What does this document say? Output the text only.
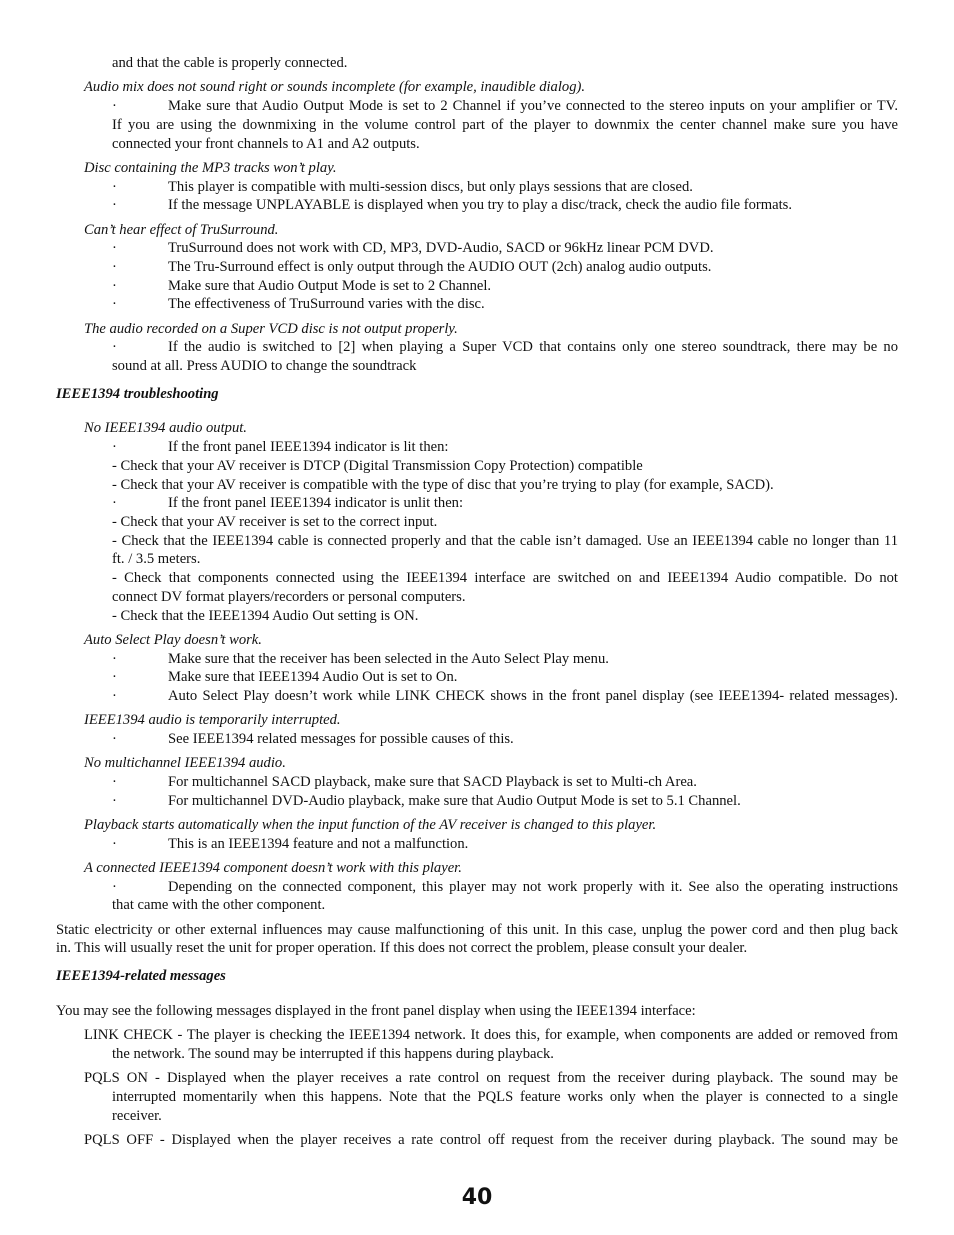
and that the cable is properly connected.
Audio mix does not sound right or sounds incomplete (for example, inaudible dialog).
·	Make sure that Audio Output Mode is set to 2 Channel if you’ve connected to the stereo inputs on your amplifier or TV.
If you are using the downmixing in the volume control part of the player to downmix the center channel make sure you have
connected your front channels to A1 and A2 outputs.
Disc containing the MP3 tracks won’t play.
·	This player is compatible with multi-session discs, but only plays sessions that are closed.
·	If the message UNPLAYABLE is displayed when you try to play a disc/track, check the audio file formats.
Can’t hear effect of TruSurround.
·	TruSurround does not work with CD, MP3, DVD-Audio, SACD or 96kHz linear PCM DVD.
·	The Tru-Surround effect is only output through the AUDIO OUT (2ch) analog audio outputs.
·	Make sure that Audio Output Mode is set to 2 Channel.
·	The effectiveness of TruSurround varies with the disc.
The audio recorded on a Super VCD disc is not output properly.
·	If the audio is switched to [2] when playing a Super VCD that contains only one stereo soundtrack, there may be no
sound at all. Press AUDIO to change the soundtrack
IEEE1394 troubleshooting
No IEEE1394 audio output.
·	If the front panel IEEE1394 indicator is lit then:
- Check that your AV receiver is DTCP (Digital Transmission Copy Protection) compatible
- Check that your AV receiver is compatible with the type of disc that you’re trying to play (for example, SACD).
·	If the front panel IEEE1394 indicator is unlit then:
- Check that your AV receiver is set to the correct input.
- Check that the IEEE1394 cable is connected properly and that the cable isn’t damaged. Use an IEEE1394 cable no longer than 11
ft. / 3.5 meters.
- Check that components connected using the IEEE1394 interface are switched on and IEEE1394 Audio compatible. Do not
connect DV format players/recorders or personal computers.
- Check that the IEEE1394 Audio Out setting is ON.
Auto Select Play doesn’t work.
·	Make sure that the receiver has been selected in the Auto Select Play menu.
·	Make sure that IEEE1394 Audio Out is set to On.
·	Auto Select Play doesn’t work while LINK CHECK shows in the front panel display (see IEEE1394- related messages).
IEEE1394 audio is temporarily interrupted.
·	See IEEE1394 related messages for possible causes of this.
No multichannel IEEE1394 audio.
·	For multichannel SACD playback, make sure that SACD Playback is set to Multi-ch Area.
·	For multichannel DVD-Audio playback, make sure that Audio Output Mode is set to 5.1 Channel.
Playback starts automatically when the input function of the AV receiver is changed to this player.
·	This is an IEEE1394 feature and not a malfunction.
A connected IEEE1394 component doesn’t work with this player.
·	Depending on the connected component, this player may not work properly with it. See also the operating instructions
that came with the other component.
Static electricity or other external influences may cause malfunctioning of this unit. In this case, unplug the power cord and then plug back
in. This will usually reset the unit for proper operation. If this does not correct the problem, please consult your dealer.
IEEE1394-related messages
You may see the following messages displayed in the front panel display when using the IEEE1394 interface:
LINK CHECK - The player is checking the IEEE1394 network. It does this, for example, when components are added or removed from
the network. The sound may be interrupted if this happens during playback.
PQLS ON - Displayed when the player receives a rate control on request from the receiver during playback. The sound may be
interrupted momentarily when this happens. Note that the PQLS feature works only when the player is connected to a single
receiver.
PQLS OFF - Displayed when the player receives a rate control off request from the receiver during playback. The sound may be
40
